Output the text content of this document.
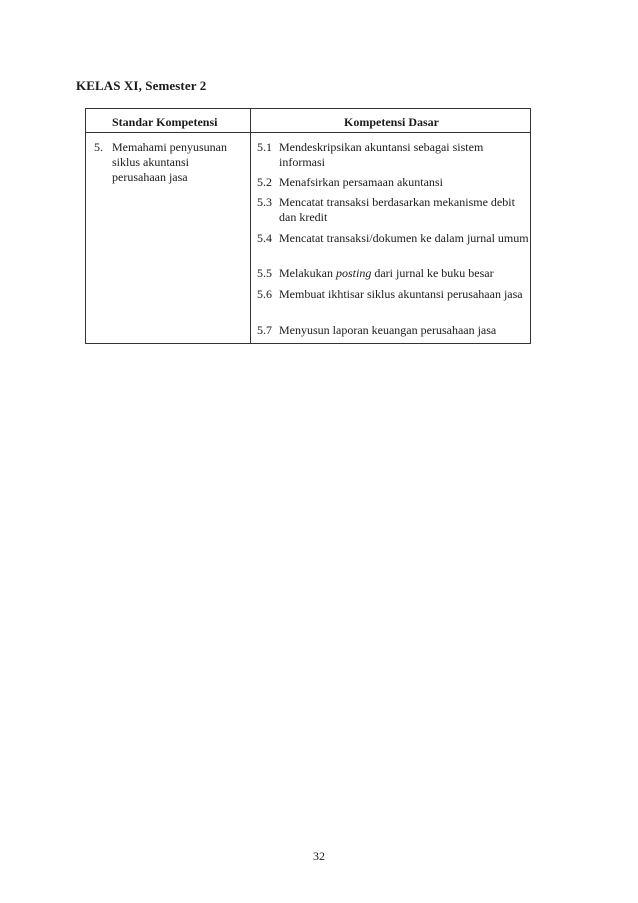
KELAS XI, Semester 2
Standar Kompetensi	Kompetensi Dasar
5. Memahami penyusunan siklus akuntansi perusahaan jasa
5.1 Mendeskripsikan akuntansi sebagai sistem informasi
5.2 Menafsirkan persamaan akuntansi
5.3 Mencatat transaksi berdasarkan mekanisme debit dan kredit
5.4 Mencatat transaksi/dokumen ke dalam jurnal umum
5.5 Melakukan posting dari jurnal ke buku besar
5.6 Membuat ikhtisar siklus akuntansi perusahaan jasa
5.7 Menyusun laporan keuangan perusahaan jasa
32
